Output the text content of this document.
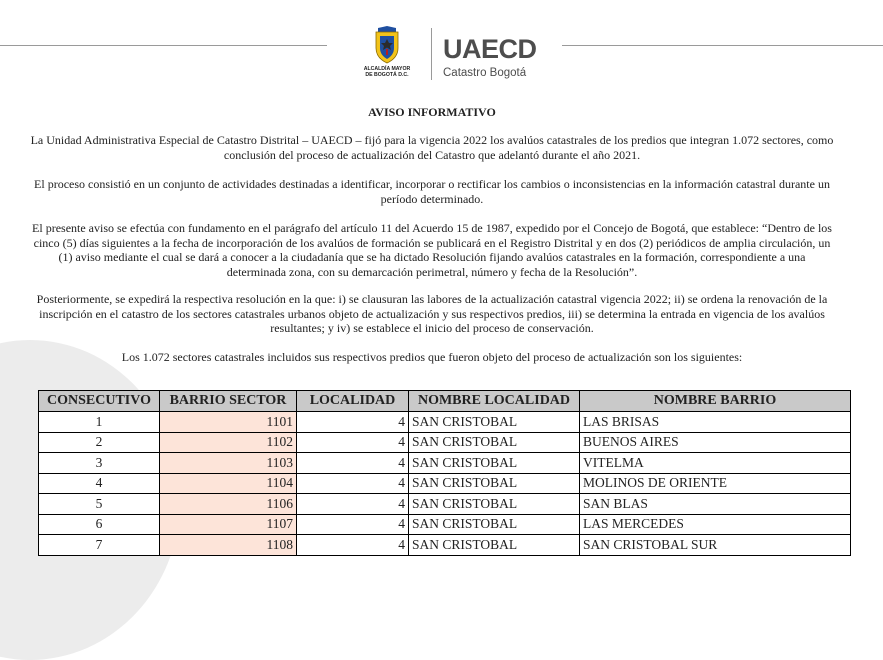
ALCALDÍA MAYOR
DE BOGOTÁ D.C.
UAECD
Catastro Bogotá
AVISO INFORMATIVO
La Unidad Administrativa Especial de Catastro Distrital – UAECD – fijó para la vigencia 2022 los avalúos catastrales de los predios que integran 1.072 sectores, como conclusión del proceso de actualización del Catastro que adelantó durante el año 2021.
El proceso consistió en un conjunto de actividades destinadas a identificar, incorporar o rectificar los cambios o inconsistencias en la información catastral durante un período determinado.
El presente aviso se efectúa con fundamento en el parágrafo del artículo 11 del Acuerdo 15 de 1987, expedido por el Concejo de Bogotá, que establece: “Dentro de los cinco (5) días siguientes a la fecha de incorporación de los avalúos de formación se publicará en el Registro Distrital y en dos (2) periódicos de amplia circulación, un (1) aviso mediante el cual se dará a conocer a la ciudadanía que se ha dictado Resolución fijando avalúos catastrales en la formación, correspondiente a una determinada zona, con su demarcación perimetral, número y fecha de la Resolución”.
Posteriormente, se expedirá la respectiva resolución en la que: i) se clausuran las labores de la actualización catastral vigencia 2022; ii) se ordena la renovación de la inscripción en el catastro de los sectores catastrales urbanos objeto de actualización y sus respectivos predios, iii) se determina la entrada en vigencia de los avalúos resultantes; y iv) se establece el inicio del proceso de conservación.
Los 1.072 sectores catastrales incluidos sus respectivos predios que fueron objeto del proceso de actualización son los siguientes:
CONSECUTIVO	BARRIO SECTOR	LOCALIDAD	NOMBRE LOCALIDAD	NOMBRE BARRIO
1	1101	4	SAN CRISTOBAL	LAS BRISAS
2	1102	4	SAN CRISTOBAL	BUENOS AIRES
3	1103	4	SAN CRISTOBAL	VITELMA
4	1104	4	SAN CRISTOBAL	MOLINOS DE ORIENTE
5	1106	4	SAN CRISTOBAL	SAN BLAS
6	1107	4	SAN CRISTOBAL	LAS MERCEDES
7	1108	4	SAN CRISTOBAL	SAN CRISTOBAL SUR
